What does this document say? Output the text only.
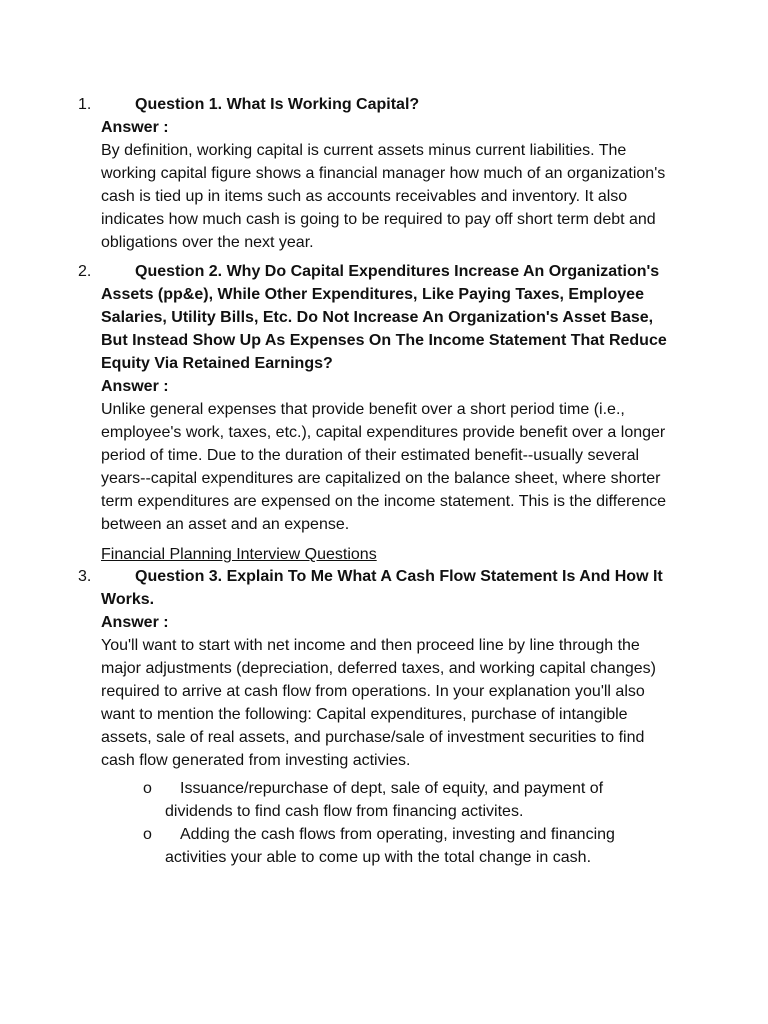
1.	Question 1. What Is Working Capital?
Answer :
By definition, working capital is current assets minus current liabilities. The working capital figure shows a financial manager how much of an organization's cash is tied up in items such as accounts receivables and inventory. It also indicates how much cash is going to be required to pay off short term debt and obligations over the next year.
2.	Question 2. Why Do Capital Expenditures Increase An Organization's Assets (pp&e), While Other Expenditures, Like Paying Taxes, Employee Salaries, Utility Bills, Etc. Do Not Increase An Organization's Asset Base, But Instead Show Up As Expenses On The Income Statement That Reduce Equity Via Retained Earnings?
Answer :
Unlike general expenses that provide benefit over a short period time (i.e., employee's work, taxes, etc.), capital expenditures provide benefit over a longer period of time. Due to the duration of their estimated benefit--usually several years--capital expenditures are capitalized on the balance sheet, where shorter term expenditures are expensed on the income statement. This is the difference between an asset and an expense.
Financial Planning Interview Questions
3.	Question 3. Explain To Me What A Cash Flow Statement Is And How It Works.
Answer :
You'll want to start with net income and then proceed line by line through the major adjustments (depreciation, deferred taxes, and working capital changes) required to arrive at cash flow from operations. In your explanation you'll also want to mention the following: Capital expenditures, purchase of intangible assets, sale of real assets, and purchase/sale of investment securities to find cash flow generated from investing activies.
o	Issuance/repurchase of dept, sale of equity, and payment of dividends to find cash flow from financing activites.
o	Adding the cash flows from operating, investing and financing activities your able to come up with the total change in cash.
